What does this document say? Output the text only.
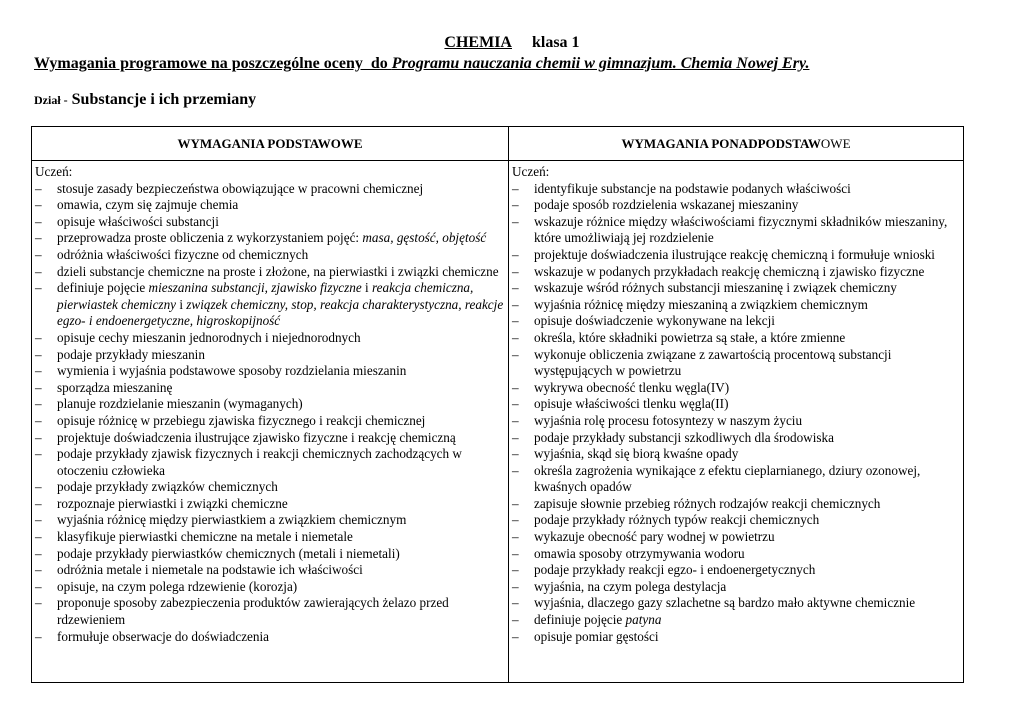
CHEMIA klasa 1
Wymagania programowe na poszczególne oceny  do Programu nauczania chemii w gimnazjum. Chemia Nowej Ery.
Dział - Substancje i ich przemiany
WYMAGANIA PODSTAWOWE
Uczeń:
–	stosuje zasady bezpieczeństwa obowiązujące w pracowni chemicznej
–	omawia, czym się zajmuje chemia
–	opisuje właściwości substancji
–	przeprowadza proste obliczenia z wykorzystaniem pojęć: masa, gęstość, objętość
–	odróżnia właściwości fizyczne od chemicznych
–	dzieli substancje chemiczne na proste i złożone, na pierwiastki i związki chemiczne
–	definiuje pojęcie mieszanina substancji, zjawisko fizyczne i reakcja chemiczna, pierwiastek chemiczny i związek chemiczny, stop, reakcja charakterystyczna, reakcje egzo- i endoenergetyczne, higroskopijność
–	opisuje cechy mieszanin jednorodnych i niejednorodnych
–	podaje przykłady mieszanin
–	wymienia i wyjaśnia podstawowe sposoby rozdzielania mieszanin
–	sporządza mieszaninę
–	planuje rozdzielanie mieszanin (wymaganych)
–	opisuje różnicę w przebiegu zjawiska fizycznego i reakcji chemicznej
–	projektuje doświadczenia ilustrujące zjawisko fizyczne i reakcję chemiczną
–	podaje przykłady zjawisk fizycznych i reakcji chemicznych zachodzących w otoczeniu człowieka
–	podaje przykłady związków chemicznych
–	rozpoznaje pierwiastki i związki chemiczne
–	wyjaśnia różnicę między pierwiastkiem a związkiem chemicznym
–	klasyfikuje pierwiastki chemiczne na metale i niemetale
–	podaje przykłady pierwiastków chemicznych (metali i niemetali)
–	odróżnia metale i niemetale na podstawie ich właściwości
–	opisuje, na czym polega rdzewienie (korozja)
–	proponuje sposoby zabezpieczenia produktów zawierających żelazo przed rdzewieniem
–	formułuje obserwacje do doświadczenia
WYMAGANIA PONADPODSTAWOWE
Uczeń:
–	identyfikuje substancje na podstawie podanych właściwości
–	podaje sposób rozdzielenia wskazanej mieszaniny
–	wskazuje różnice między właściwościami fizycznymi składników mieszaniny, które umożliwiają jej rozdzielenie
–	projektuje doświadczenia ilustrujące reakcję chemiczną i formułuje wnioski
–	wskazuje w podanych przykładach reakcję chemiczną i zjawisko fizyczne
–	wskazuje wśród różnych substancji mieszaninę i związek chemiczny
–	wyjaśnia różnicę między mieszaniną a związkiem chemicznym
–	opisuje doświadczenie wykonywane na lekcji
–	określa, które składniki powietrza są stałe, a które zmienne
–	wykonuje obliczenia związane z zawartością procentową substancji występujących w powietrzu
–	wykrywa obecność tlenku węgla(IV)
–	opisuje właściwości tlenku węgla(II)
–	wyjaśnia rolę procesu fotosyntezy w naszym życiu
–	podaje przykłady substancji szkodliwych dla środowiska
–	wyjaśnia, skąd się biorą kwaśne opady
–	określa zagrożenia wynikające z efektu cieplarnianego, dziury ozonowej, kwaśnych opadów
–	zapisuje słownie przebieg różnych rodzajów reakcji chemicznych
–	podaje przykłady różnych typów reakcji chemicznych
–	wykazuje obecność pary wodnej w powietrzu
–	omawia sposoby otrzymywania wodoru
–	podaje przykłady reakcji egzo- i endoenergetycznych
–	wyjaśnia, na czym polega destylacja
–	wyjaśnia, dlaczego gazy szlachetne są bardzo mało aktywne chemicznie
–	definiuje pojęcie patyna
–	opisuje pomiar gęstości
